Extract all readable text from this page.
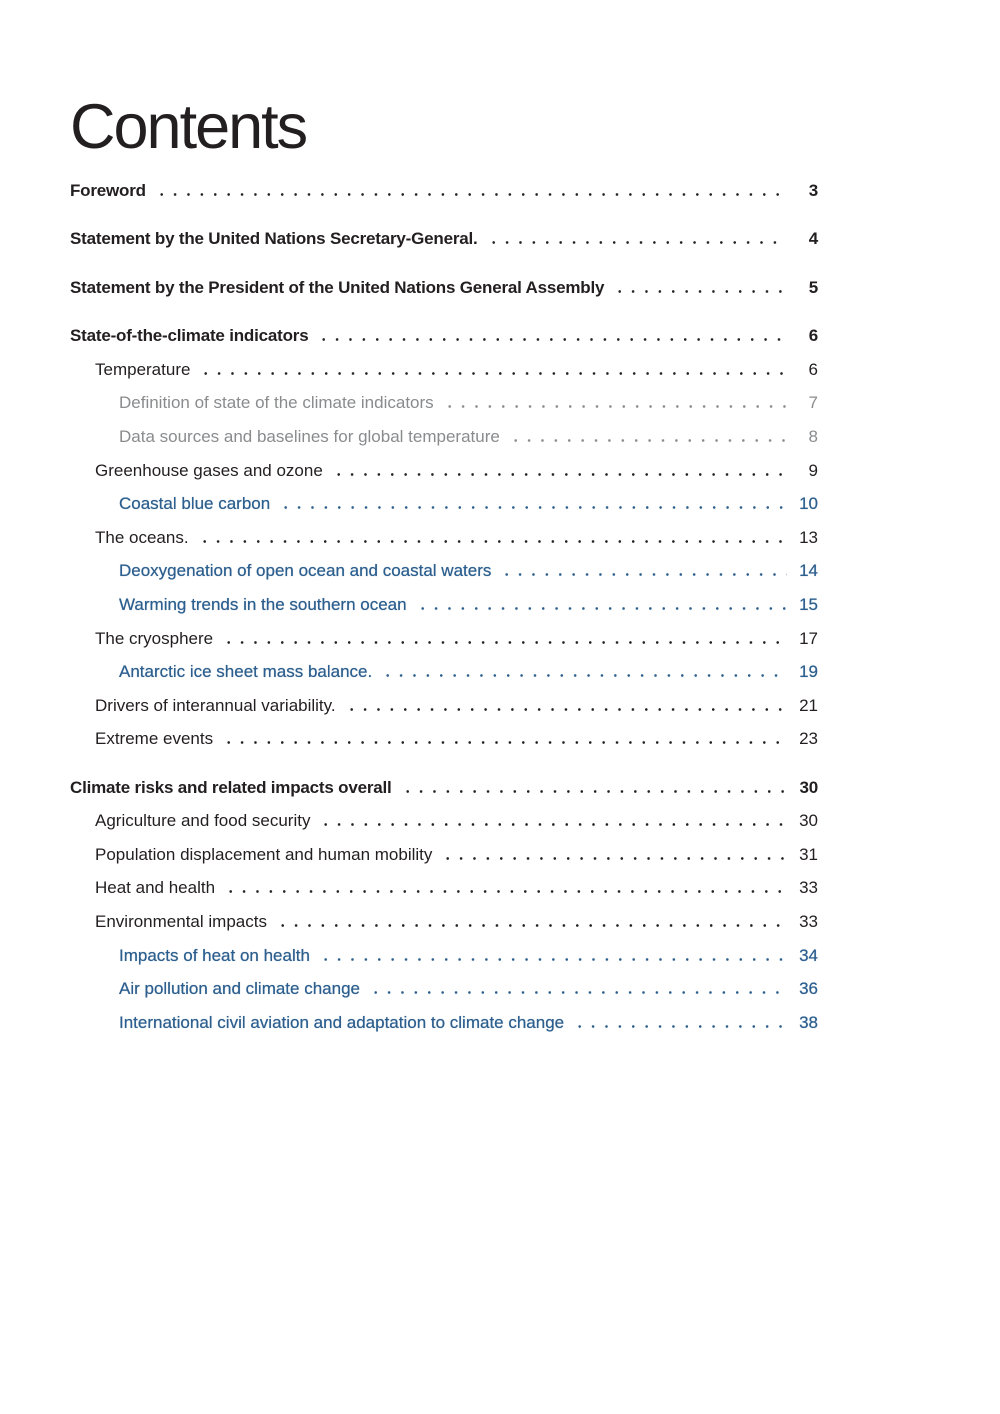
Contents
Foreword	3
Statement by the United Nations Secretary-General.	4
Statement by the President of the United Nations General Assembly	5
State-of-the-climate indicators	6
Temperature	6
Definition of state of the climate indicators	7
Data sources and baselines for global temperature	8
Greenhouse gases and ozone	9
Coastal blue carbon	10
The oceans.	13
Deoxygenation of open ocean and coastal waters	14
Warming trends in the southern ocean	15
The cryosphere	17
Antarctic ice sheet mass balance.	19
Drivers of interannual variability.	21
Extreme events	23
Climate risks and related impacts overall	30
Agriculture and food security	30
Population displacement and human mobility	31
Heat and health	33
Environmental impacts	33
Impacts of heat on health	34
Air pollution and climate change	36
International civil aviation and adaptation to climate change	38
